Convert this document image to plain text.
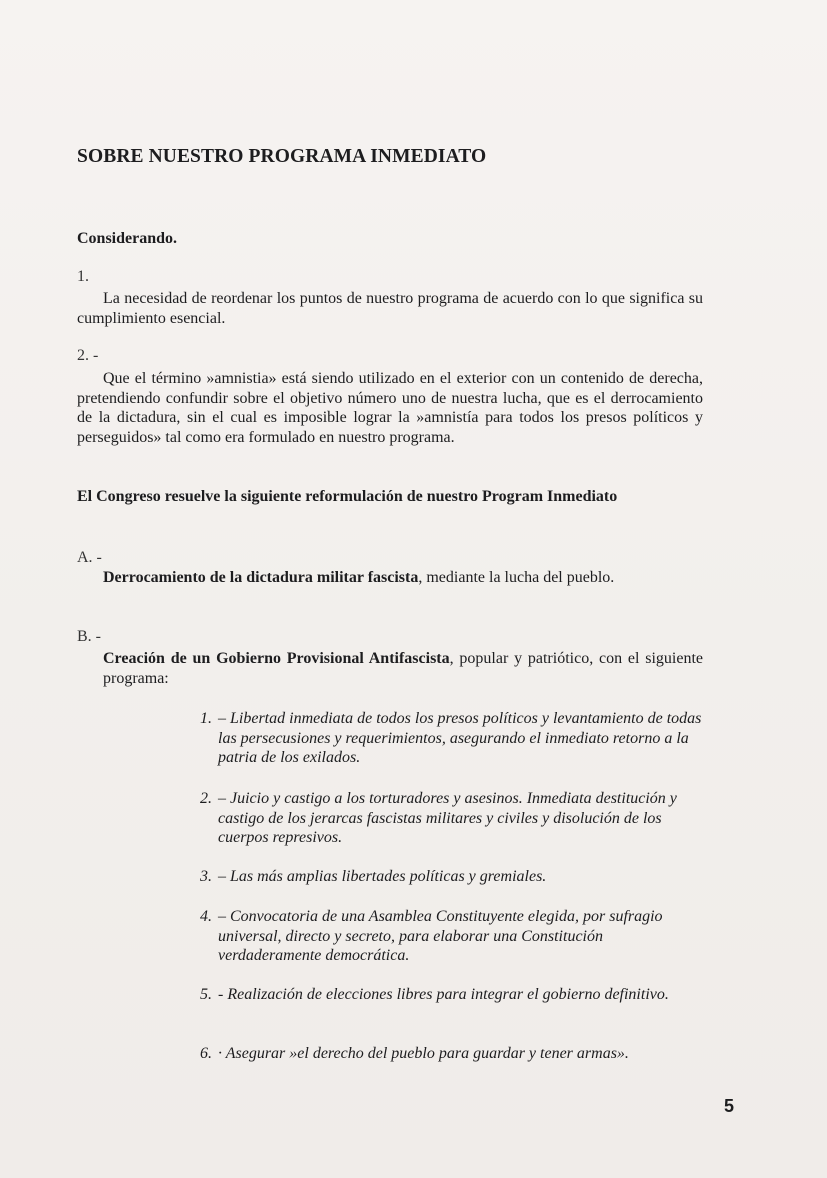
SOBRE NUESTRO PROGRAMA INMEDIATO

Considerando.

1.

La necesidad de reordenar los puntos de nuestro programa de acuerdo con lo que significa su cumplimiento esencial.

2. -

Que el término »amnistia» está siendo utilizado en el exterior con un contenido de derecha, pretendiendo confundir sobre el objetivo número uno de nuestra lucha, que es el derrocamiento de la dictadura, sin el cual es imposible lograr la »amnistía para todos los presos políticos y perseguidos» tal como era formulado en nuestro programa.

El Congreso resuelve la siguiente reformulación de nuestro Program Inmediato

A. -

Derrocamiento de la dictadura militar fascista, mediante la lucha del pueblo.

B. -

Creación de un Gobierno Provisional Antifascista, popular y patriótico, con el siguiente programa:

1. – Libertad inmediata de todos los presos políticos y levantamiento de todas las persecusiones y requerimientos, asegurando el inmediato retorno a la patria de los exilados.
2. – Juicio y castigo a los torturadores y asesinos. Inmediata destitución y castigo de los jerarcas fascistas militares y civiles y disolución de los cuerpos represivos.
3. – Las más amplias libertades políticas y gremiales.
4. – Convocatoria de una Asamblea Constituyente elegida, por sufragio universal, directo y secreto, para elaborar una Constitución verdaderamente democrática.
5. - Realización de elecciones libres para integrar el gobierno definitivo.
6. · Asegurar »el derecho del pueblo para guardar y tener armas».

5
